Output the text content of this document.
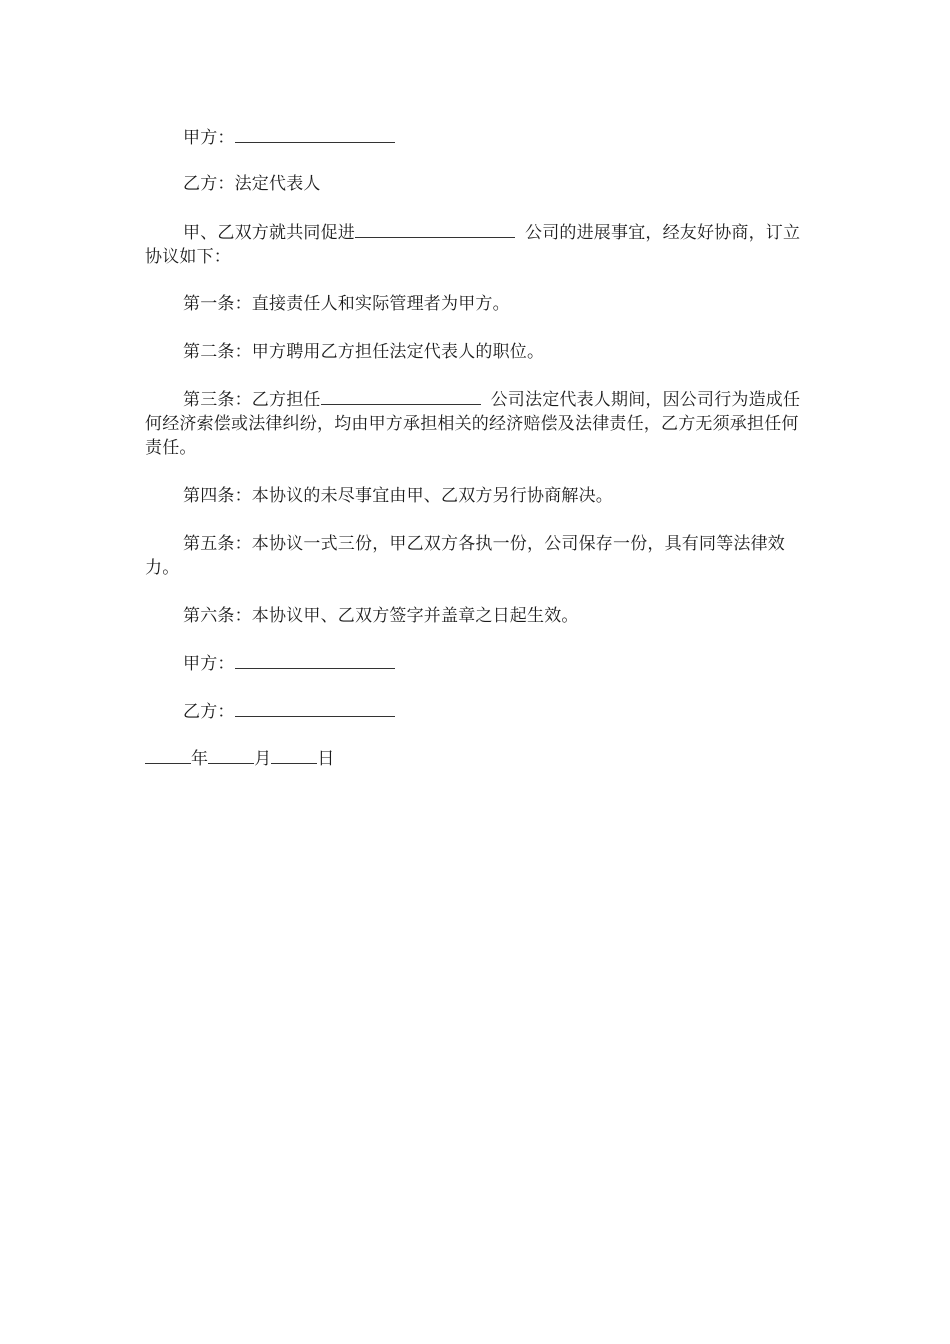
甲方：
乙方：法定代表人
甲、乙双方就共同促进	公司的进展事宜，经友好协商，订立协议如下：
第一条：直接责任人和实际管理者为甲方。
第二条：甲方聘用乙方担任法定代表人的职位。
第三条：乙方担任	公司法定代表人期间，因公司行为造成任何经济索偿或法律纠纷，均由甲方承担相关的经济赔偿及法律责任，乙方无须承担任何责任。
第四条：本协议的未尽事宜由甲、乙双方另行协商解决。
第五条：本协议一式三份，甲乙双方各执一份，公司保存一份，具有同等法律效力。
第六条：本协议甲、乙双方签字并盖章之日起生效。
甲方：
乙方：
年	月	日
